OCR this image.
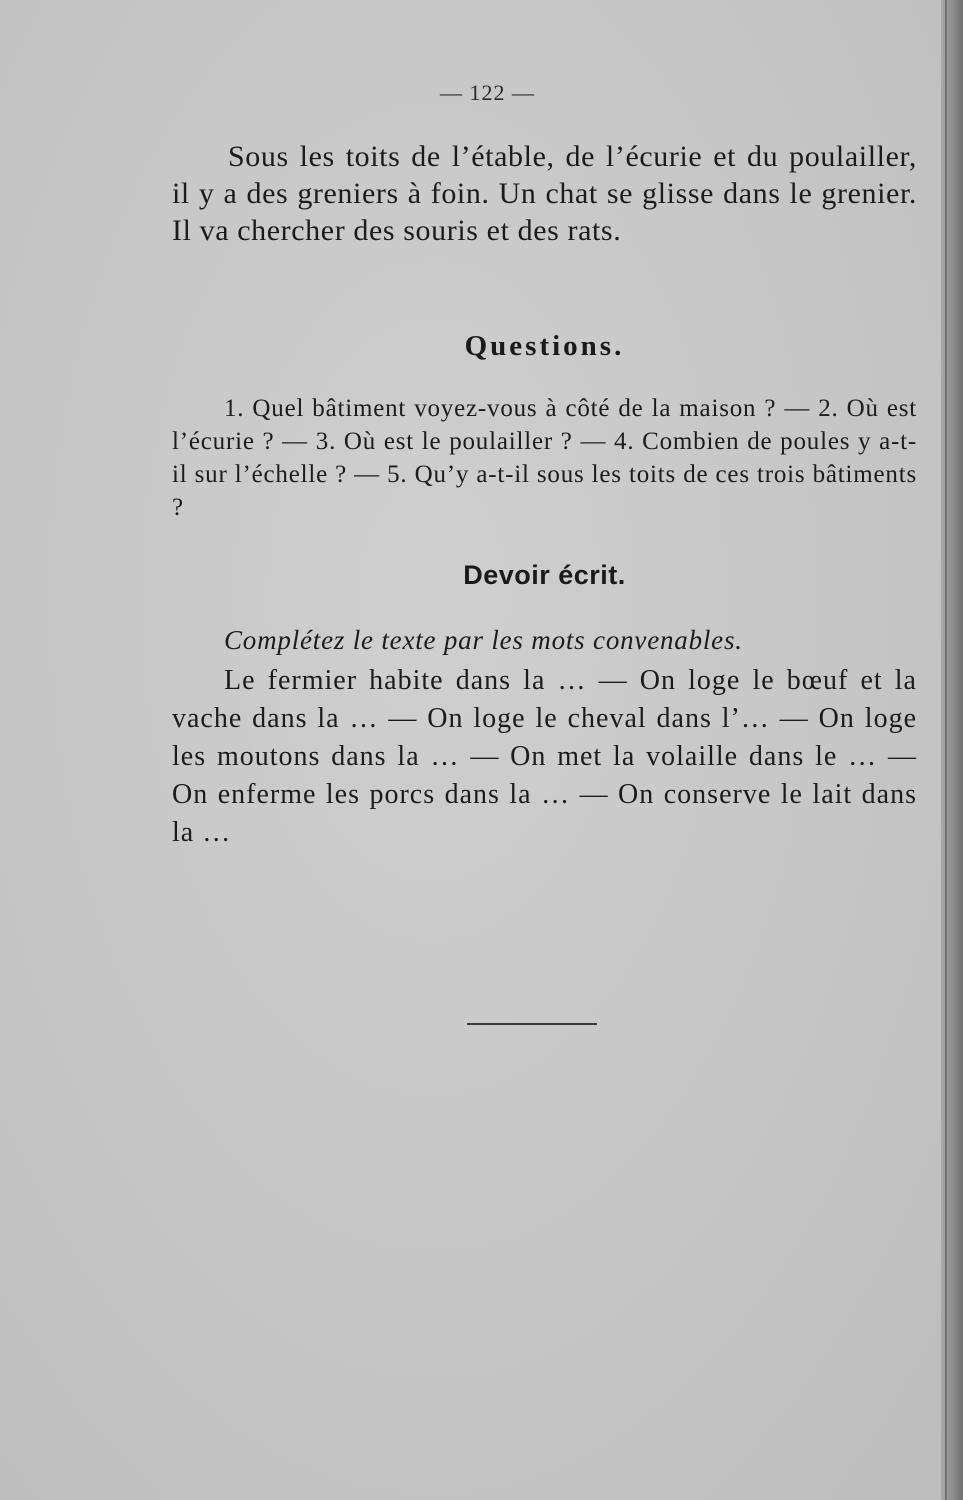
— 122 —

Sous les toits de l’étable, de l’écurie et du poulailler, il y a des greniers à foin. Un chat se glisse dans le grenier. Il va chercher des souris et des rats.

Questions.

1. Quel bâtiment voyez-vous à côté de la maison ? — 2. Où est l’écurie ? — 3. Où est le poulailler ? — 4. Combien de poules y a-t-il sur l’échelle ? — 5. Qu’y a-t-il sous les toits de ces trois bâtiments ?

Devoir écrit.

Complétez le texte par les mots convenables.

Le fermier habite dans la … — On loge le bœuf et la vache dans la … — On loge le cheval dans l’… — On loge les moutons dans la … — On met la volaille dans le … — On enferme les porcs dans la … — On conserve le lait dans la …
